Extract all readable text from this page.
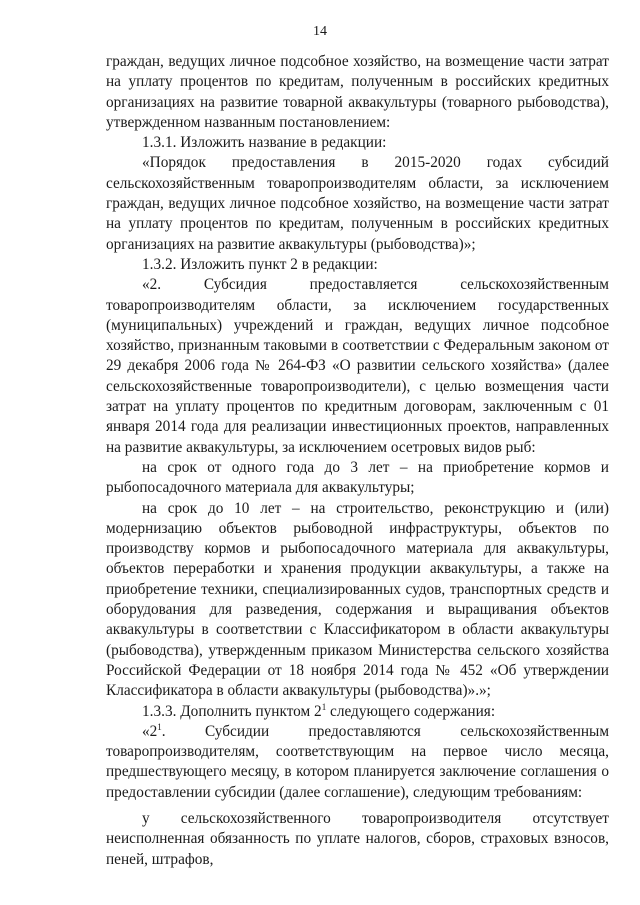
14

граждан, ведущих личное подсобное хозяйство, на возмещение части затрат на уплату процентов по кредитам, полученным в российских кредитных организациях на развитие товарной аквакультуры (товарного рыбоводства), утвержденном названным постановлением:

1.3.1. Изложить название в редакции:

«Порядок предоставления в 2015-2020 годах субсидий сельскохозяйственным товаропроизводителям области, за исключением граждан, ведущих личное подсобное хозяйство, на возмещение части затрат на уплату процентов по кредитам, полученным в российских кредитных организациях на развитие аквакультуры (рыбоводства)»;

1.3.2. Изложить пункт 2 в редакции:

«2. Субсидия предоставляется сельскохозяйственным товаропроизводителям области, за исключением государственных (муниципальных) учреждений и граждан, ведущих личное подсобное хозяйство, признанным таковыми в соответствии с Федеральным законом от 29 декабря 2006 года № 264-ФЗ «О развитии сельского хозяйства» (далее сельскохозяйственные товаропроизводители), с целью возмещения части затрат на уплату процентов по кредитным договорам, заключенным с 01 января 2014 года для реализации инвестиционных проектов, направленных на развитие аквакультуры, за исключением осетровых видов рыб:

на срок от одного года до 3 лет – на приобретение кормов и рыбопосадочного материала для аквакультуры;

на срок до 10 лет – на строительство, реконструкцию и (или) модернизацию объектов рыбоводной инфраструктуры, объектов по производству кормов и рыбопосадочного материала для аквакультуры, объектов переработки и хранения продукции аквакультуры, а также на приобретение техники, специализированных судов, транспортных средств и оборудования для разведения, содержания и выращивания объектов аквакультуры в соответствии с Классификатором в области аквакультуры (рыбоводства), утвержденным приказом Министерства сельского хозяйства Российской Федерации от 18 ноября 2014 года № 452 «Об утверждении Классификатора в области аквакультуры (рыбоводства)».»;

1.3.3. Дополнить пунктом $2^1$ следующего содержания:

«$2^1$. Субсидии предоставляются сельскохозяйственным товаропроизводителям, соответствующим на первое число месяца, предшествующего месяцу, в котором планируется заключение соглашения о предоставлении субсидии (далее соглашение), следующим требованиям:

у сельскохозяйственного товаропроизводителя отсутствует неисполненная обязанность по уплате налогов, сборов, страховых взносов, пеней, штрафов,
